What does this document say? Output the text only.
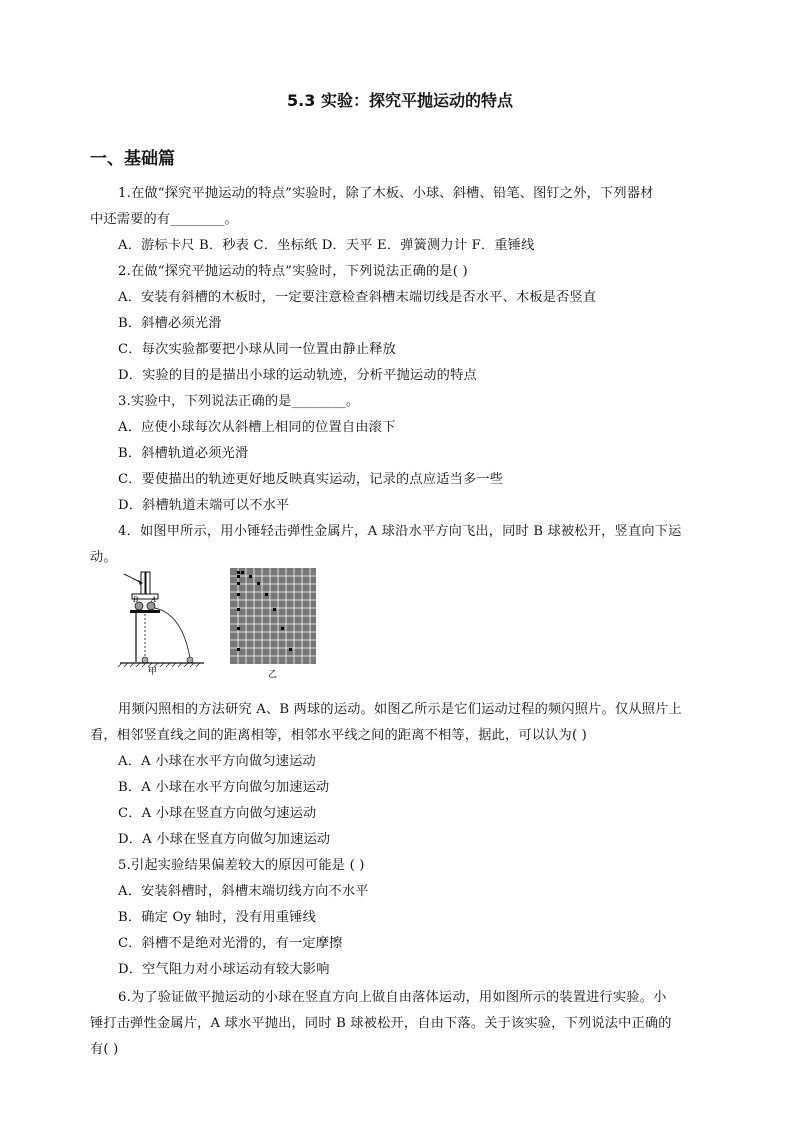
5.3 实验：探究平抛运动的特点
一、基础篇
1.在做“探究平抛运动的特点”实验时，除了木板、小球、斜槽、铅笔、图钉之外，下列器材
中还需要的有________。
A．游标卡尺 B．秒表 C．坐标纸 D．天平 E．弹簧测力计 F．重锤线
2.在做“探究平抛运动的特点”实验时，下列说法正确的是( )
A．安装有斜槽的木板时，一定要注意检查斜槽末端切线是否水平、木板是否竖直
B．斜槽必须光滑
C．每次实验都要把小球从同一位置由静止释放
D．实验的目的是描出小球的运动轨迹，分析平抛运动的特点
3.实验中，下列说法正确的是________。
A．应使小球每次从斜槽上相同的位置自由滚下
B．斜槽轨道必须光滑
C．要使描出的轨迹更好地反映真实运动，记录的点应适当多一些
D．斜槽轨道末端可以不水平
4．如图甲所示，用小锤轻击弹性金属片，A 球沿水平方向飞出，同时 B 球被松开，竖直向下运
动。
B A
甲	乙
用频闪照相的方法研究 A、B 两球的运动。如图乙所示是它们运动过程的频闪照片。仅从照片上
看，相邻竖直线之间的距离相等，相邻水平线之间的距离不相等，据此，可以认为( )
A．A 小球在水平方向做匀速运动
B．A 小球在水平方向做匀加速运动
C．A 小球在竖直方向做匀速运动
D．A 小球在竖直方向做匀加速运动
5.引起实验结果偏差较大的原因可能是 ( )
A．安装斜槽时，斜槽末端切线方向不水平
B．确定 Oy 轴时，没有用重锤线
C．斜槽不是绝对光滑的，有一定摩擦
D．空气阻力对小球运动有较大影响
6.为了验证做平抛运动的小球在竖直方向上做自由落体运动，用如图所示的装置进行实验。小
锤打击弹性金属片，A 球水平抛出，同时 B 球被松开，自由下落。关于该实验，下列说法中正确的
有( )
